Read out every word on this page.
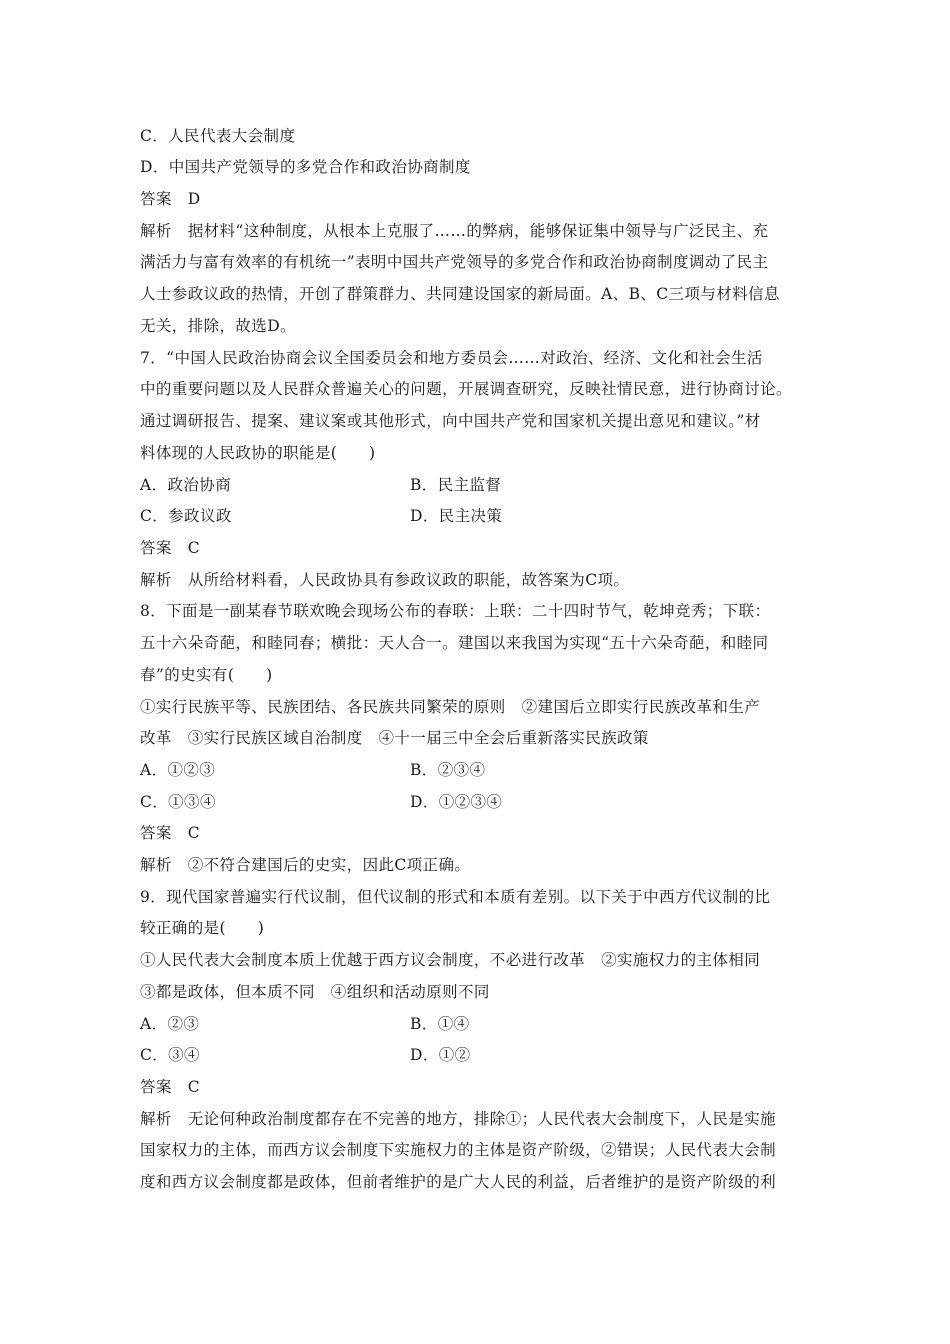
C．人民代表大会制度
D．中国共产党领导的多党合作和政治协商制度
答案　D
解析　据材料“这种制度，从根本上克服了……的弊病，能够保证集中领导与广泛民主、充
满活力与富有效率的有机统一”表明中国共产党领导的多党合作和政治协商制度调动了民主
人士参政议政的热情，开创了群策群力、共同建设国家的新局面。A、B、C三项与材料信息
无关，排除，故选D。
7．“中国人民政治协商会议全国委员会和地方委员会……对政治、经济、文化和社会生活
中的重要问题以及人民群众普遍关心的问题，开展调查研究，反映社情民意，进行协商讨论。
通过调研报告、提案、建议案或其他形式，向中国共产党和国家机关提出意见和建议。”材
料体现的人民政协的职能是(　　)
A．政治协商	B．民主监督
C．参政议政	D．民主决策
答案　C
解析　从所给材料看，人民政协具有参政议政的职能，故答案为C项。
8．下面是一副某春节联欢晚会现场公布的春联：上联：二十四时节气，乾坤竞秀；下联：
五十六朵奇葩，和睦同春；横批：天人合一。建国以来我国为实现“五十六朵奇葩，和睦同
春”的史实有(　　)
①实行民族平等、民族团结、各民族共同繁荣的原则　②建国后立即实行民族改革和生产
改革　③实行民族区域自治制度　④十一届三中全会后重新落实民族政策
A．①②③	B．②③④
C．①③④	D．①②③④
答案　C
解析　②不符合建国后的史实，因此C项正确。
9．现代国家普遍实行代议制，但代议制的形式和本质有差别。以下关于中西方代议制的比
较正确的是(　　)
①人民代表大会制度本质上优越于西方议会制度，不必进行改革　②实施权力的主体相同
③都是政体，但本质不同　④组织和活动原则不同
A．②③	B．①④
C．③④	D．①②
答案　C
解析　无论何种政治制度都存在不完善的地方，排除①；人民代表大会制度下，人民是实施
国家权力的主体，而西方议会制度下实施权力的主体是资产阶级，②错误；人民代表大会制
度和西方议会制度都是政体，但前者维护的是广大人民的利益，后者维护的是资产阶级的利
